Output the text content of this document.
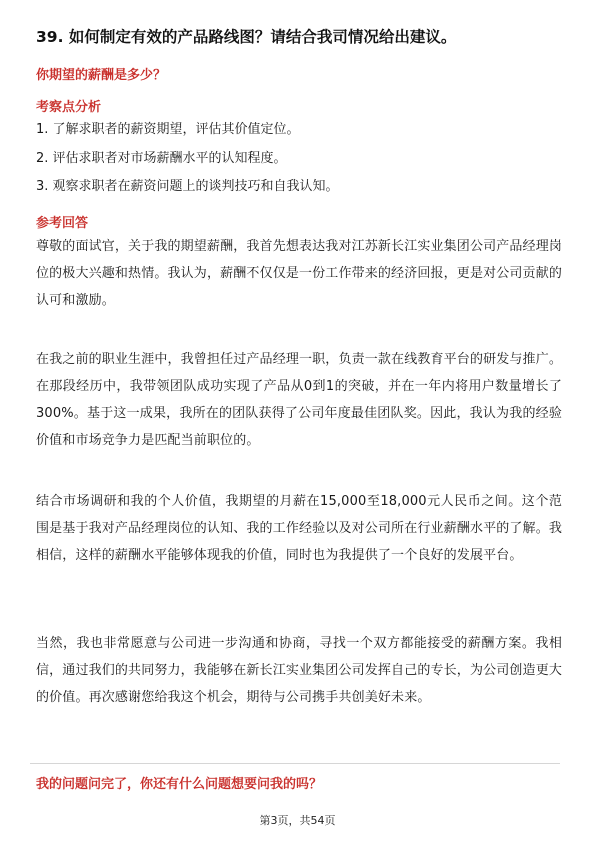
39. 如何制定有效的产品路线图？请结合我司情况给出建议。
你期望的薪酬是多少？
考察点分析
1. 了解求职者的薪资期望，评估其价值定位。
2. 评估求职者对市场薪酬水平的认知程度。
3. 观察求职者在薪资问题上的谈判技巧和自我认知。
参考回答
尊敬的面试官，关于我的期望薪酬，我首先想表达我对江苏新长江实业集团公司产品经理岗位的极大兴趣和热情。我认为，薪酬不仅仅是一份工作带来的经济回报，更是对公司贡献的认可和激励。
在我之前的职业生涯中，我曾担任过产品经理一职，负责一款在线教育平台的研发与推广。在那段经历中，我带领团队成功实现了产品从0到1的突破，并在一年内将用户数量增长了300%。基于这一成果，我所在的团队获得了公司年度最佳团队奖。因此，我认为我的经验价值和市场竞争力是匹配当前职位的。
结合市场调研和我的个人价值，我期望的月薪在15,000至18,000元人民币之间。这个范围是基于我对产品经理岗位的认知、我的工作经验以及对公司所在行业薪酬水平的了解。我相信，这样的薪酬水平能够体现我的价值，同时也为我提供了一个良好的发展平台。
当然，我也非常愿意与公司进一步沟通和协商，寻找一个双方都能接受的薪酬方案。我相信，通过我们的共同努力，我能够在新长江实业集团公司发挥自己的专长，为公司创造更大的价值。再次感谢您给我这个机会，期待与公司携手共创美好未来。
我的问题问完了，你还有什么问题想要问我的吗？
第3页，共54页
